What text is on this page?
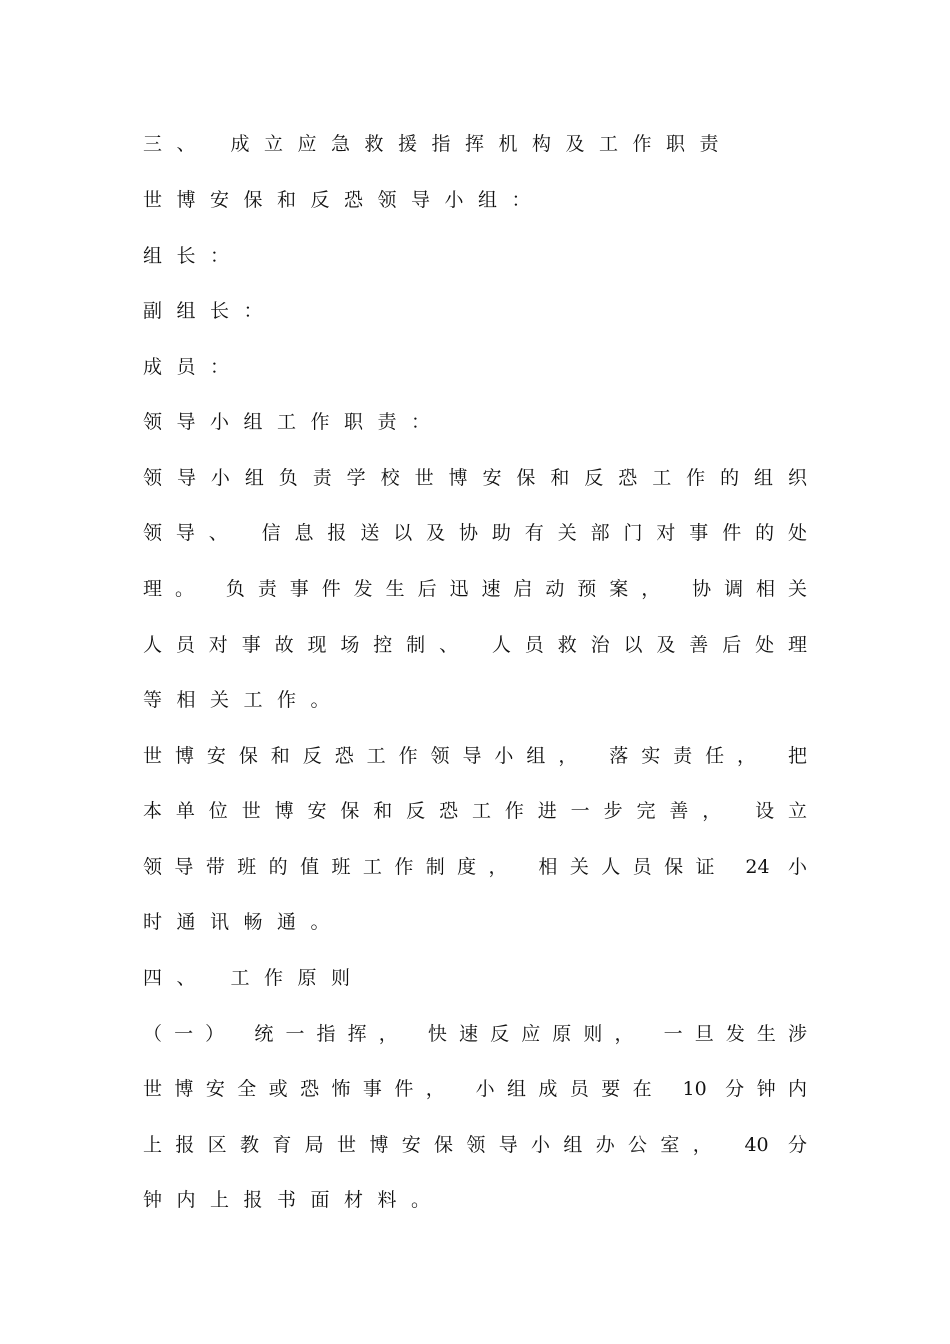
三、 成立应急救援指挥机构及工作职责
世博安保和反恐领导小组：
组长：
副组长：
成员：
领导小组工作职责：
领导小组负责学校世博安保和反恐工作的组织
领导、 信息报送以及协助有关部门对事件的处
理。 负责事件发生后迅速启动预案， 协调相关
人员对事故现场控制、 人员救治以及善后处理
等相关工作。
世博安保和反恐工作领导小组， 落实责任， 把
本单位世博安保和反恐工作进一步完善， 设立
领导带班的值班工作制度， 相关人员保证 24 小
时通讯畅通。
四、 工作原则
（一） 统一指挥， 快速反应原则， 一旦发生涉
世博安全或恐怖事件， 小组成员要在 10 分钟内
上报区教育局世博安保领导小组办公室， 40 分
钟内上报书面材料。
